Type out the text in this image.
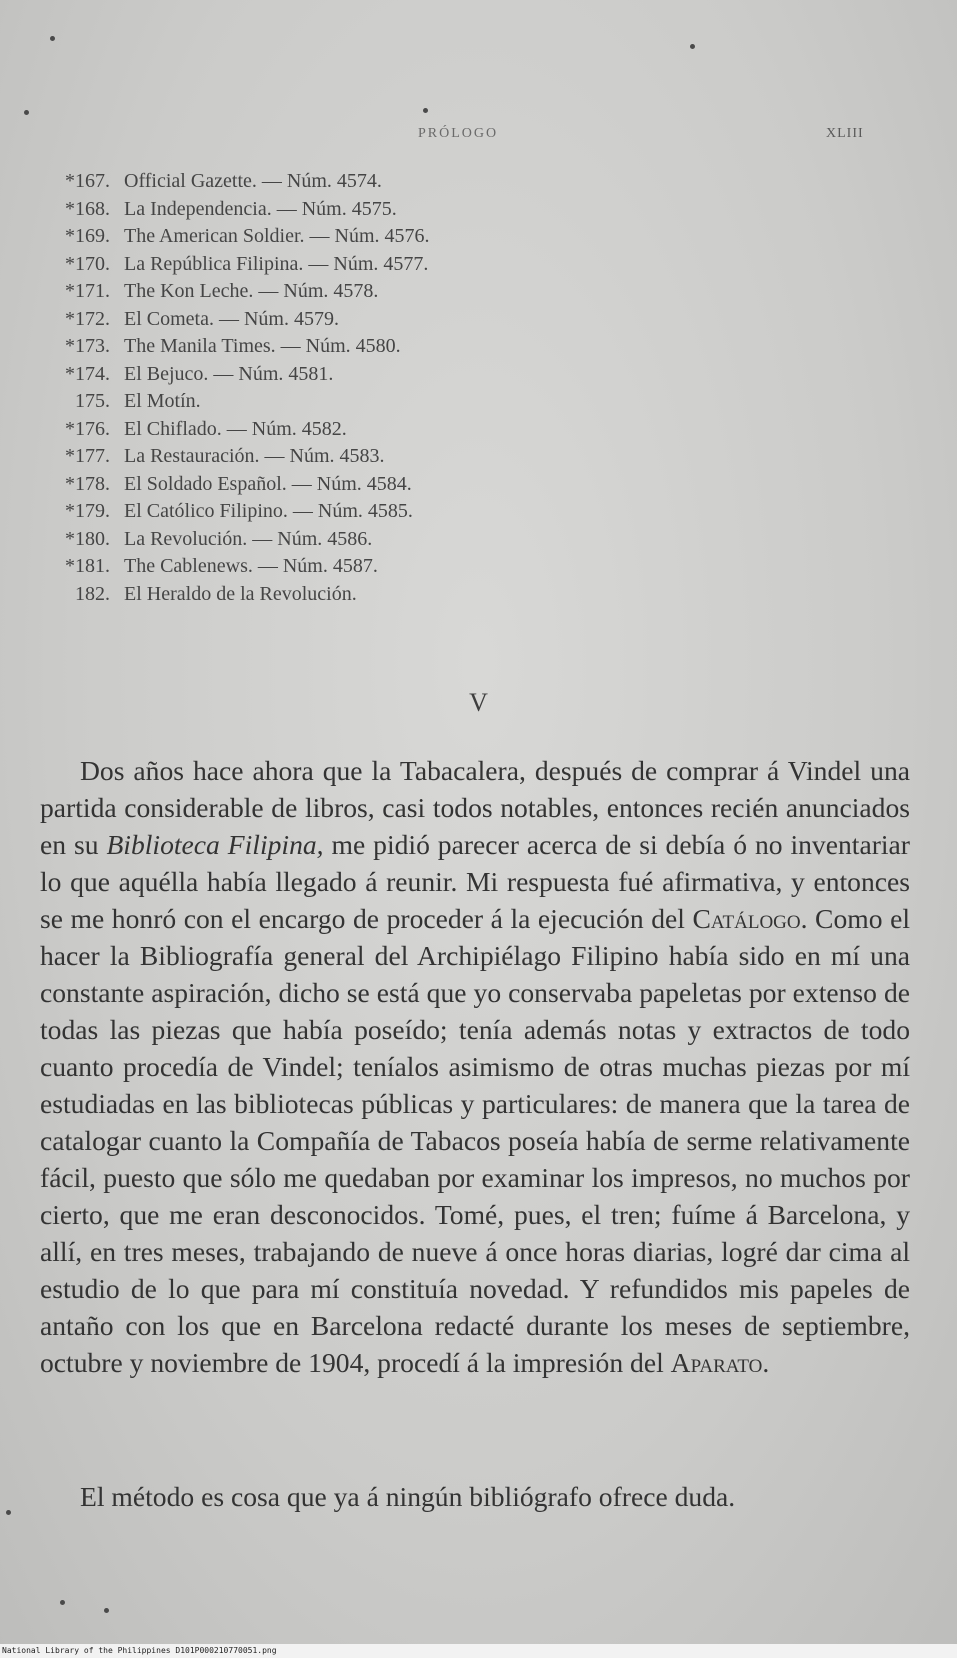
PRÓLOGO	XLIII
*167. Official Gazette. — Núm. 4574.
*168. La Independencia. — Núm. 4575.
*169. The American Soldier. — Núm. 4576.
*170. La República Filipina. — Núm. 4577.
*171. The Kon Leche. — Núm. 4578.
*172. El Cometa. — Núm. 4579.
*173. The Manila Times. — Núm. 4580.
*174. El Bejuco. — Núm. 4581.
175. El Motín.
*176. El Chiflado. — Núm. 4582.
*177. La Restauración. — Núm. 4583.
*178. El Soldado Español. — Núm. 4584.
*179. El Católico Filipino. — Núm. 4585.
*180. La Revolución. — Núm. 4586.
*181. The Cablenews. — Núm. 4587.
182. El Heraldo de la Revolución.
V

Dos años hace ahora que la Tabacalera, después de comprar á Vindel una partida considerable de libros, casi todos notables, entonces recién anunciados en su Biblioteca Filipina, me pidió parecer acerca de si debía ó no inventariar lo que aquélla había llegado á reunir. Mi respuesta fué afirmativa, y entonces se me honró con el encargo de proceder á la ejecución del Catálogo. Como el hacer la Bibliografía general del Archipiélago Filipino había sido en mí una constante aspiración, dicho se está que yo conservaba papeletas por extenso de todas las piezas que había poseído; tenía además notas y extractos de todo cuanto procedía de Vindel; teníalos asimismo de otras muchas piezas por mí estudiadas en las bibliotecas públicas y particulares: de manera que la tarea de catalogar cuanto la Compañía de Tabacos poseía había de serme relativamente fácil, puesto que sólo me quedaban por examinar los impresos, no muchos por cierto, que me eran desconocidos. Tomé, pues, el tren; fuíme á Barcelona, y allí, en tres meses, trabajando de nueve á once horas diarias, logré dar cima al estudio de lo que para mí constituía novedad. Y refundidos mis papeles de antaño con los que en Barcelona redacté durante los meses de septiembre, octubre y noviembre de 1904, procedí á la impresión del Aparato.

El método es cosa que ya á ningún bibliógrafo ofrece duda.

National Library of the Philippines D101P000210770051.png
